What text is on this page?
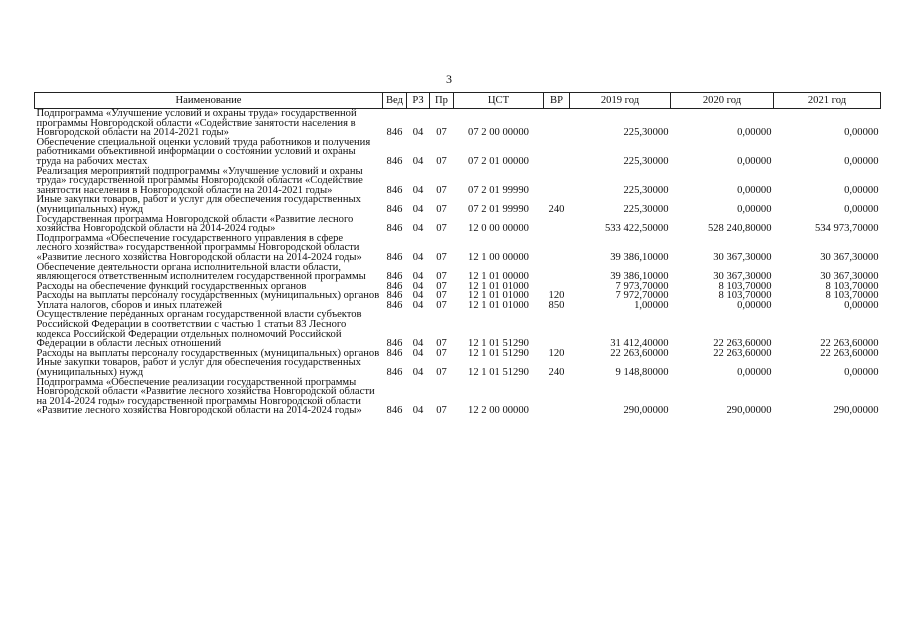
3
Наименование	Вед	РЗ	Пр	ЦСТ	ВР	2019 год	2020 год	2021 год
Подпрограмма «Улучшение условий и охраны труда» государственной программы Новгородской области «Содействие занятости населения в Новгородской области на 2014-2021 годы»	846	04	07	07 2 00 00000		225,30000	0,00000	0,00000
Обеспечение специальной оценки условий труда работников и получения работниками объективной информации о состоянии условий и охраны труда на рабочих местах	846	04	07	07 2 01 00000		225,30000	0,00000	0,00000
Реализация мероприятий подпрограммы «Улучшение условий и охраны труда» государственной программы Новгородской области «Содействие занятости населения в Новгородской области на 2014-2021 годы»	846	04	07	07 2 01 99990		225,30000	0,00000	0,00000
Иные закупки товаров, работ и услуг для обеспечения государственных (муниципальных) нужд	846	04	07	07 2 01 99990	240	225,30000	0,00000	0,00000
Государственная программа Новгородской области «Развитие лесного хозяйства Новгородской области на 2014-2024 годы»	846	04	07	12 0 00 00000		533 422,50000	528 240,80000	534 973,70000
Подпрограмма «Обеспечение государственного управления в сфере лесного хозяйства» государственной программы Новгородской области «Развитие лесного хозяйства Новгородской области на 2014-2024 годы»	846	04	07	12 1 00 00000		39 386,10000	30 367,30000	30 367,30000
Обеспечение деятельности органа исполнительной власти области, являющегося ответственным исполнителем государственной программы	846	04	07	12 1 01 00000		39 386,10000	30 367,30000	30 367,30000
Расходы на обеспечение функций государственных органов	846	04	07	12 1 01 01000		7 973,70000	8 103,70000	8 103,70000
Расходы на выплаты персоналу государственных (муниципальных) органов	846	04	07	12 1 01 01000	120	7 972,70000	8 103,70000	8 103,70000
Уплата налогов, сборов и иных платежей	846	04	07	12 1 01 01000	850	1,00000	0,00000	0,00000
Осуществление переданных органам государственной власти субъектов Российской Федерации в соответствии с частью 1 статьи 83 Лесного кодекса Российской Федерации отдельных полномочий Российской Федерации в области лесных отношений	846	04	07	12 1 01 51290		31 412,40000	22 263,60000	22 263,60000
Расходы на выплаты персоналу государственных (муниципальных) органов	846	04	07	12 1 01 51290	120	22 263,60000	22 263,60000	22 263,60000
Иные закупки товаров, работ и услуг для обеспечения государственных (муниципальных) нужд	846	04	07	12 1 01 51290	240	9 148,80000	0,00000	0,00000
Подпрограмма «Обеспечение реализации государственной программы Новгородской области «Развитие лесного хозяйства Новгородской области на 2014-2024 годы» государственной программы Новгородской области «Развитие лесного хозяйства Новгородской области на 2014-2024 годы»	846	04	07	12 2 00 00000		290,00000	290,00000	290,00000
